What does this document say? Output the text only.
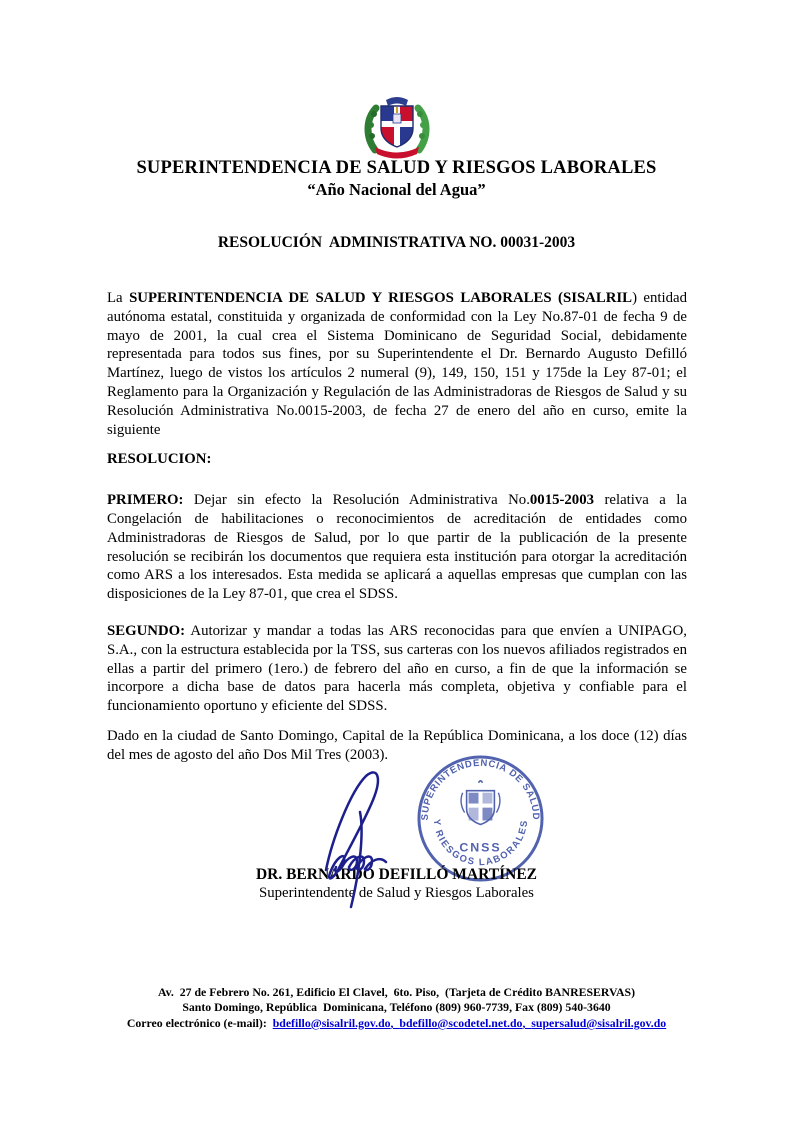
SUPERINTENDENCIA DE SALUD Y RIESGOS LABORALES
“Año Nacional del Agua”
RESOLUCIÓN  ADMINISTRATIVA NO. 00031-2003

La SUPERINTENDENCIA DE SALUD Y RIESGOS LABORALES (SISALRIL) entidad autónoma estatal, constituida y organizada de conformidad con la Ley No.87-01 de fecha 9 de mayo de 2001, la cual crea el Sistema Dominicano de Seguridad Social, debidamente representada para todos sus fines, por su Superintendente el Dr. Bernardo Augusto Defilló Martínez, luego de vistos los artículos 2 numeral (9), 149, 150, 151 y 175de la Ley 87-01; el Reglamento para la Organización y Regulación de las Administradoras de Riesgos de Salud y su Resolución Administrativa No.0015-2003, de fecha 27 de enero del año en curso, emite la siguiente

RESOLUCION:

PRIMERO: Dejar sin efecto la Resolución Administrativa No.0015-2003 relativa a la Congelación de habilitaciones o reconocimientos de acreditación de entidades como Administradoras de Riesgos de Salud, por lo que partir de la publicación de la presente resolución se recibirán los documentos que requiera esta institución para otorgar la acreditación como ARS a los interesados. Esta medida se aplicará a aquellas empresas que cumplan con las disposiciones de la Ley 87-01, que crea el SDSS.

SEGUNDO: Autorizar y mandar a todas las ARS reconocidas para que envíen a UNIPAGO, S.A., con la estructura establecida por la TSS, sus carteras con los nuevos afiliados registrados en ellas a partir del primero (1ero.) de febrero del año en curso, a fin de que la información se incorpore a dicha base de datos para hacerla más completa, objetiva y confiable para el funcionamiento oportuno y eficiente del SDSS.

Dado en la ciudad de Santo Domingo, Capital de la República Dominicana, a los doce (12) días del mes de agosto del año Dos Mil Tres (2003).

SUPERINTENDENCIA DE SALUD
Y RIESGOS LABORALES
CNSS
DR. BERNARDO DEFILLÓ MARTÍNEZ
Superintendente de Salud y Riesgos Laborales
Av.  27 de Febrero No. 261, Edificio El Clavel,  6to. Piso,  (Tarjeta de Crédito BANRESERVAS)
Santo Domingo, República  Dominicana, Teléfono (809) 960-7739, Fax (809) 540-3640
Correo electrónico (e-mail):  bdefillo@sisalril.gov.do,  bdefillo@scodetel.net.do,  supersalud@sisalril.gov.do
